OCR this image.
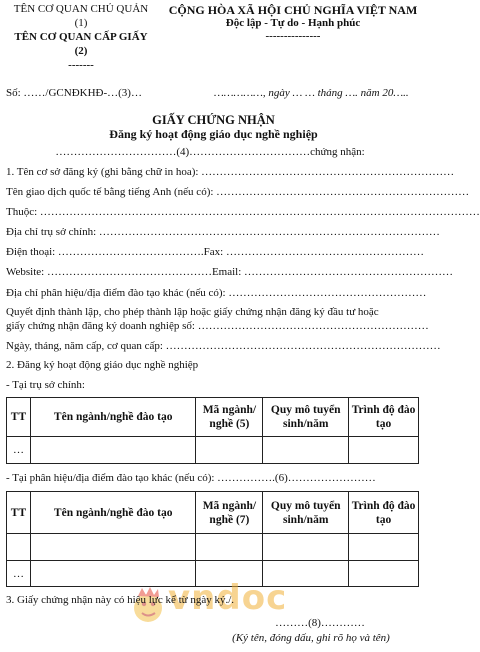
TÊN CƠ QUAN CHỦ QUẢN
(1)
TÊN CƠ QUAN CẤP GIẤY
(2)
-------
CỘNG HÒA XÃ HỘI CHỦ NGHĨA VIỆT NAM
Độc lập - Tự do - Hạnh phúc
---------------
Số: ……/GCNĐKHĐ-…(3)…	……………, ngày … … tháng …. năm 20…..
GIẤY CHỨNG NHẬN
Đăng ký hoạt động giáo dục nghề nghiệp
……………………………(4)……………………………chứng nhận:
1. Tên cơ sở đăng ký (ghi bằng chữ in hoa): ……………………………………………………………
Tên giao dịch quốc tế bằng tiếng Anh (nếu có): ……………………………………………………………
Thuộc: …………………………………………………………………………………………………………
Địa chỉ trụ sở chính: …………………………………………………………………………………
Điện thoại: ………………………………….Fax: ………………………………………………
Website: ………………………………………Email: …………………………………………………
Địa chỉ phân hiệu/địa điểm đào tạo khác (nếu có): ………………………………………………
Quyết định thành lập, cho phép thành lập hoặc giấy chứng nhận đăng ký đầu tư hoặc
giấy chứng nhận đăng ký doanh nghiệp số: ………………………………………………………
Ngày, tháng, năm cấp, cơ quan cấp: …………………………………………………………………
2. Đăng ký hoạt động giáo dục nghề nghiệp
- Tại trụ sở chính:
TT	Tên ngành/nghề đào tạo	Mã ngành/ nghề (5)	Quy mô tuyển sinh/năm	Trình độ đào tạo
…				
- Tại phân hiệu/địa điểm đào tạo khác (nếu có): …………….(6)……………………
TT	Tên ngành/nghề đào tạo	Mã ngành/ nghề (7)	Quy mô tuyển sinh/năm	Trình độ đào tạo

…				
vndoc
3. Giấy chứng nhận này có hiệu lực kể từ ngày ký./.
………(8)…………
(Ký tên, đóng dấu, ghi rõ họ và tên)
